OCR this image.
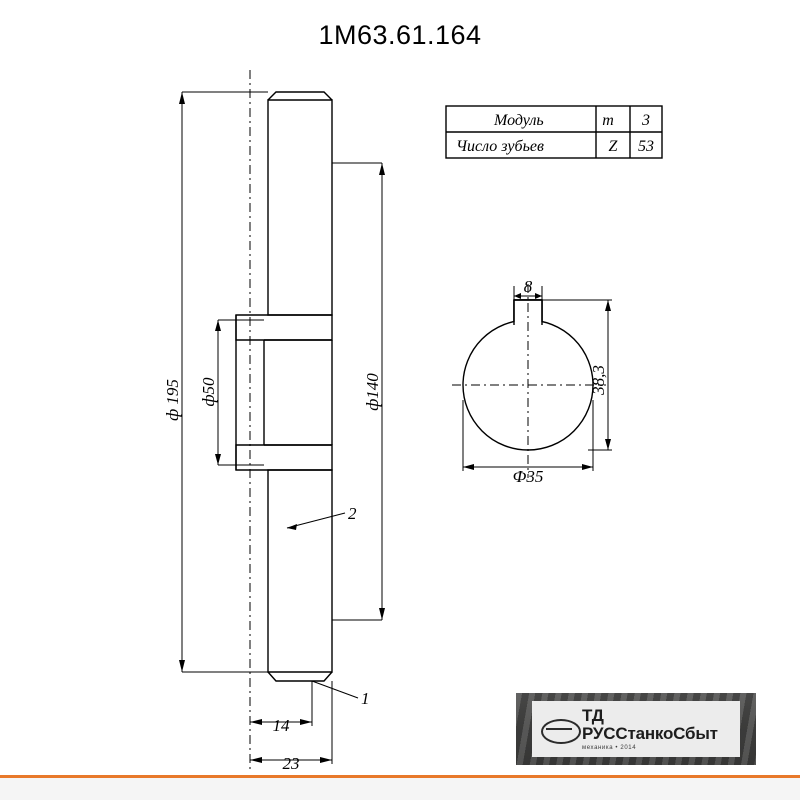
1М63.61.164
2
1
ф 195 ф50	ф140
14
23
Модуль	m 3
Число зубьев	Z 53
8
38,3
Ф35
ТД РУССтанкоСбыт
механика • 2014
